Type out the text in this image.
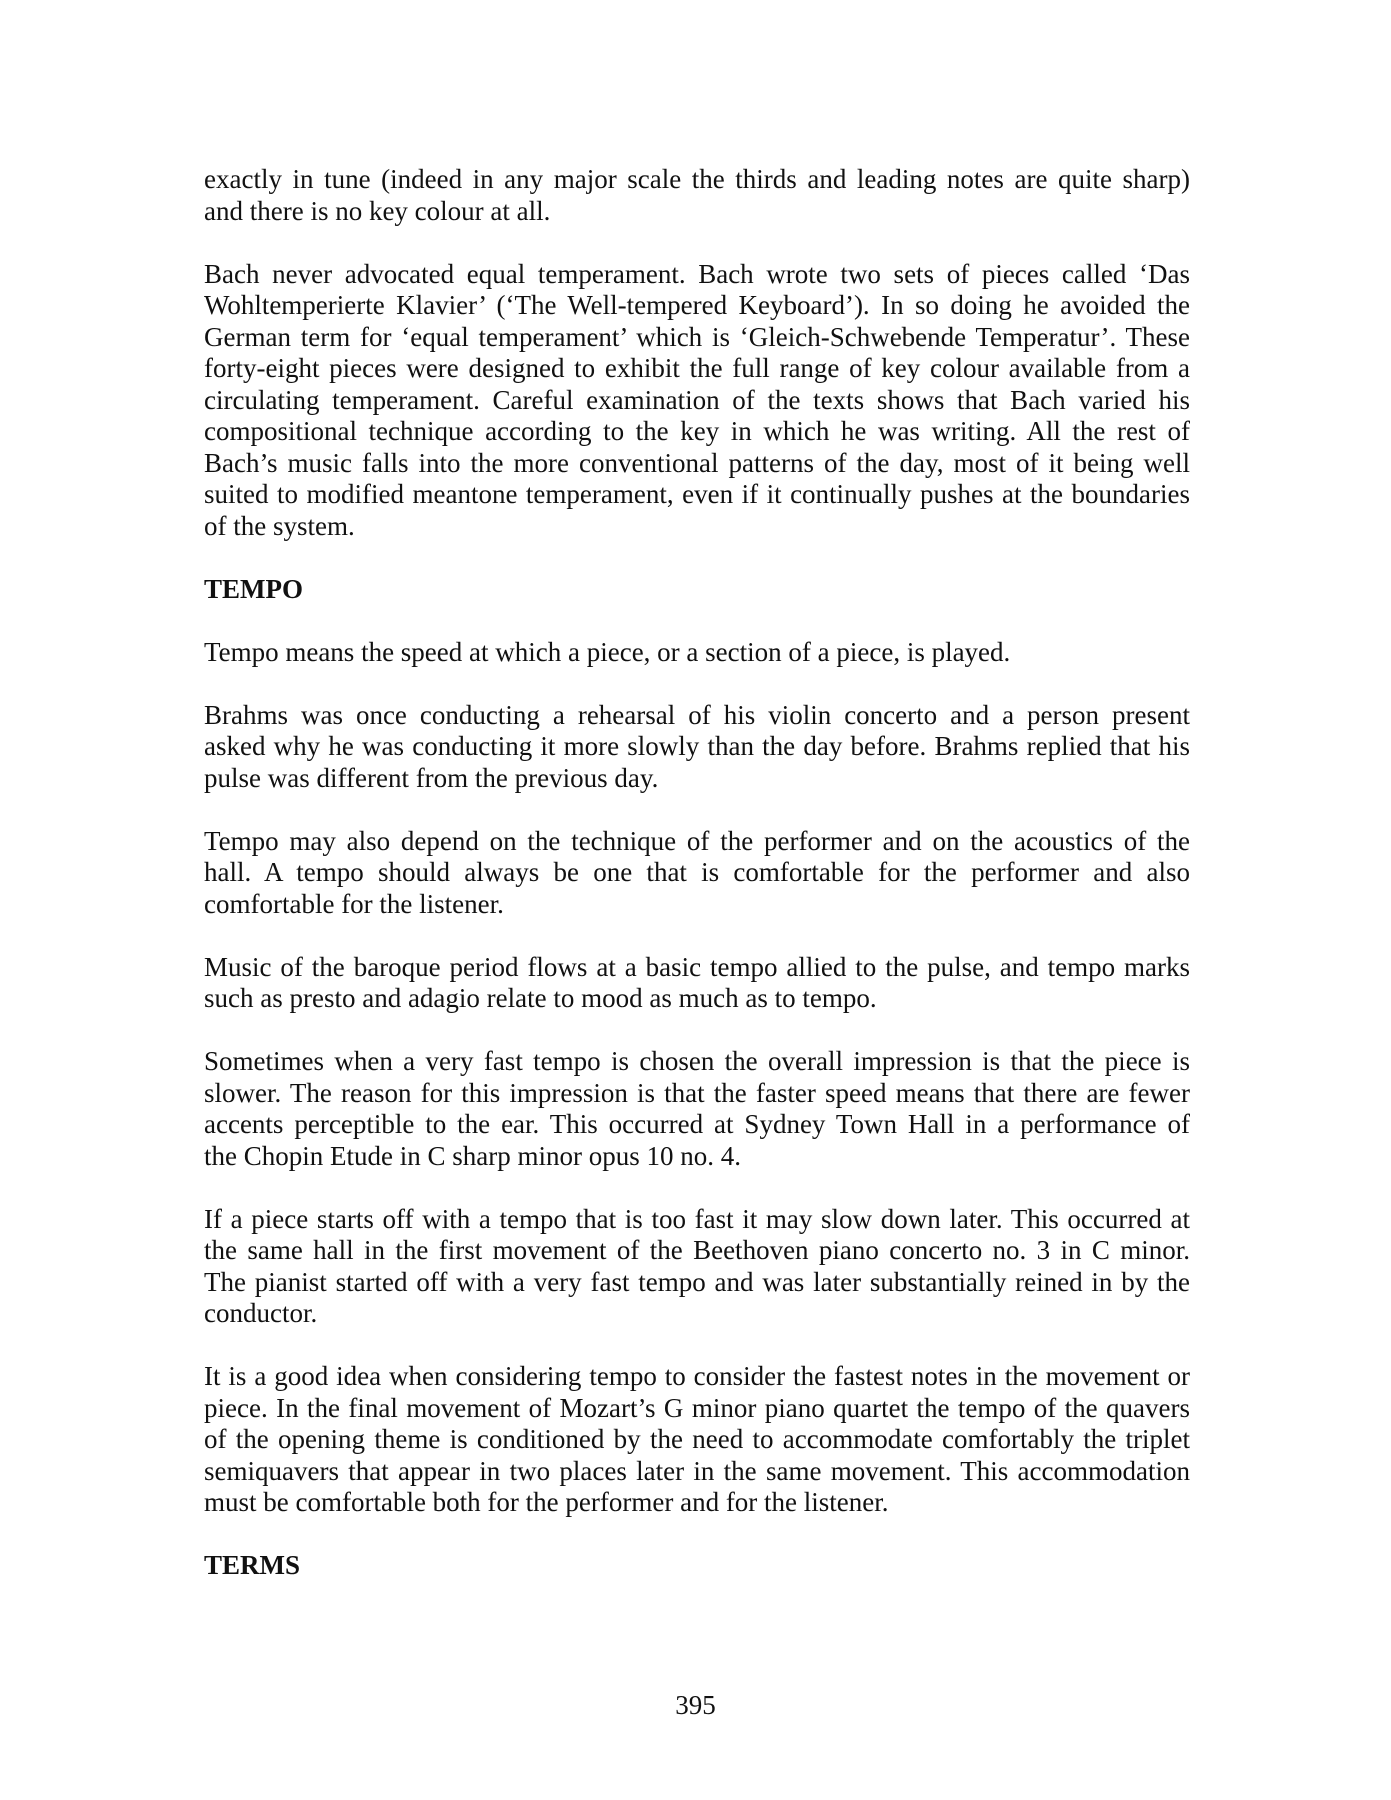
exactly in tune (indeed in any major scale the thirds and leading notes are quite sharp)
and there is no key colour at all.
Bach never advocated equal temperament. Bach wrote two sets of pieces called ‘Das
Wohltemperierte Klavier’ (‘The Well-tempered Keyboard’). In so doing he avoided the
German term for ‘equal temperament’ which is ‘Gleich-Schwebende Temperatur’. These
forty-eight pieces were designed to exhibit the full range of key colour available from a
circulating temperament. Careful examination of the texts shows that Bach varied his
compositional technique according to the key in which he was writing. All the rest of
Bach’s music falls into the more conventional patterns of the day, most of it being well
suited to modified meantone temperament, even if it continually pushes at the boundaries
of the system.
TEMPO
Tempo means the speed at which a piece, or a section of a piece, is played.
Brahms was once conducting a rehearsal of his violin concerto and a person present
asked why he was conducting it more slowly than the day before. Brahms replied that his
pulse was different from the previous day.
Tempo may also depend on the technique of the performer and on the acoustics of the
hall. A tempo should always be one that is comfortable for the performer and also
comfortable for the listener.
Music of the baroque period flows at a basic tempo allied to the pulse, and tempo marks
such as presto and adagio relate to mood as much as to tempo.
Sometimes when a very fast tempo is chosen the overall impression is that the piece is
slower. The reason for this impression is that the faster speed means that there are fewer
accents perceptible to the ear. This occurred at Sydney Town Hall in a performance of
the Chopin Etude in C sharp minor opus 10 no. 4.
If a piece starts off with a tempo that is too fast it may slow down later. This occurred at
the same hall in the first movement of the Beethoven piano concerto no. 3 in C minor.
The pianist started off with a very fast tempo and was later substantially reined in by the
conductor.
It is a good idea when considering tempo to consider the fastest notes in the movement or
piece. In the final movement of Mozart’s G minor piano quartet the tempo of the quavers
of the opening theme is conditioned by the need to accommodate comfortably the triplet
semiquavers that appear in two places later in the same movement. This accommodation
must be comfortable both for the performer and for the listener.
TERMS
395
